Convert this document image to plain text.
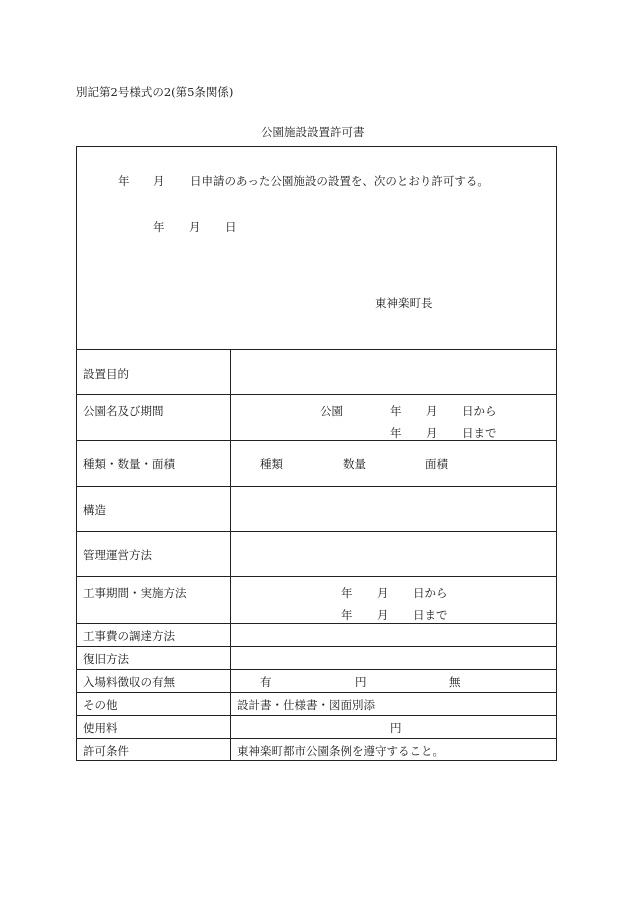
別記第2号様式の2(第5条関係)
公園施設設置許可書
年 月 日申請のあった公園施設の設置を、次のとおり許可する。
年 月 日
東神楽町長
設置目的
公園名及び期間	公園	年 月 日から
年 月 日まで
種類・数量・面積	種類	数量	面積
構造
管理運営方法
工事期間・実施方法	年 月 日から
年 月 日まで
工事費の調達方法
復旧方法
入場料徴収の有無	有	円	無
その他	設計書・仕様書・図面別添
使用料	円
許可条件	東神楽町都市公園条例を遵守すること。
